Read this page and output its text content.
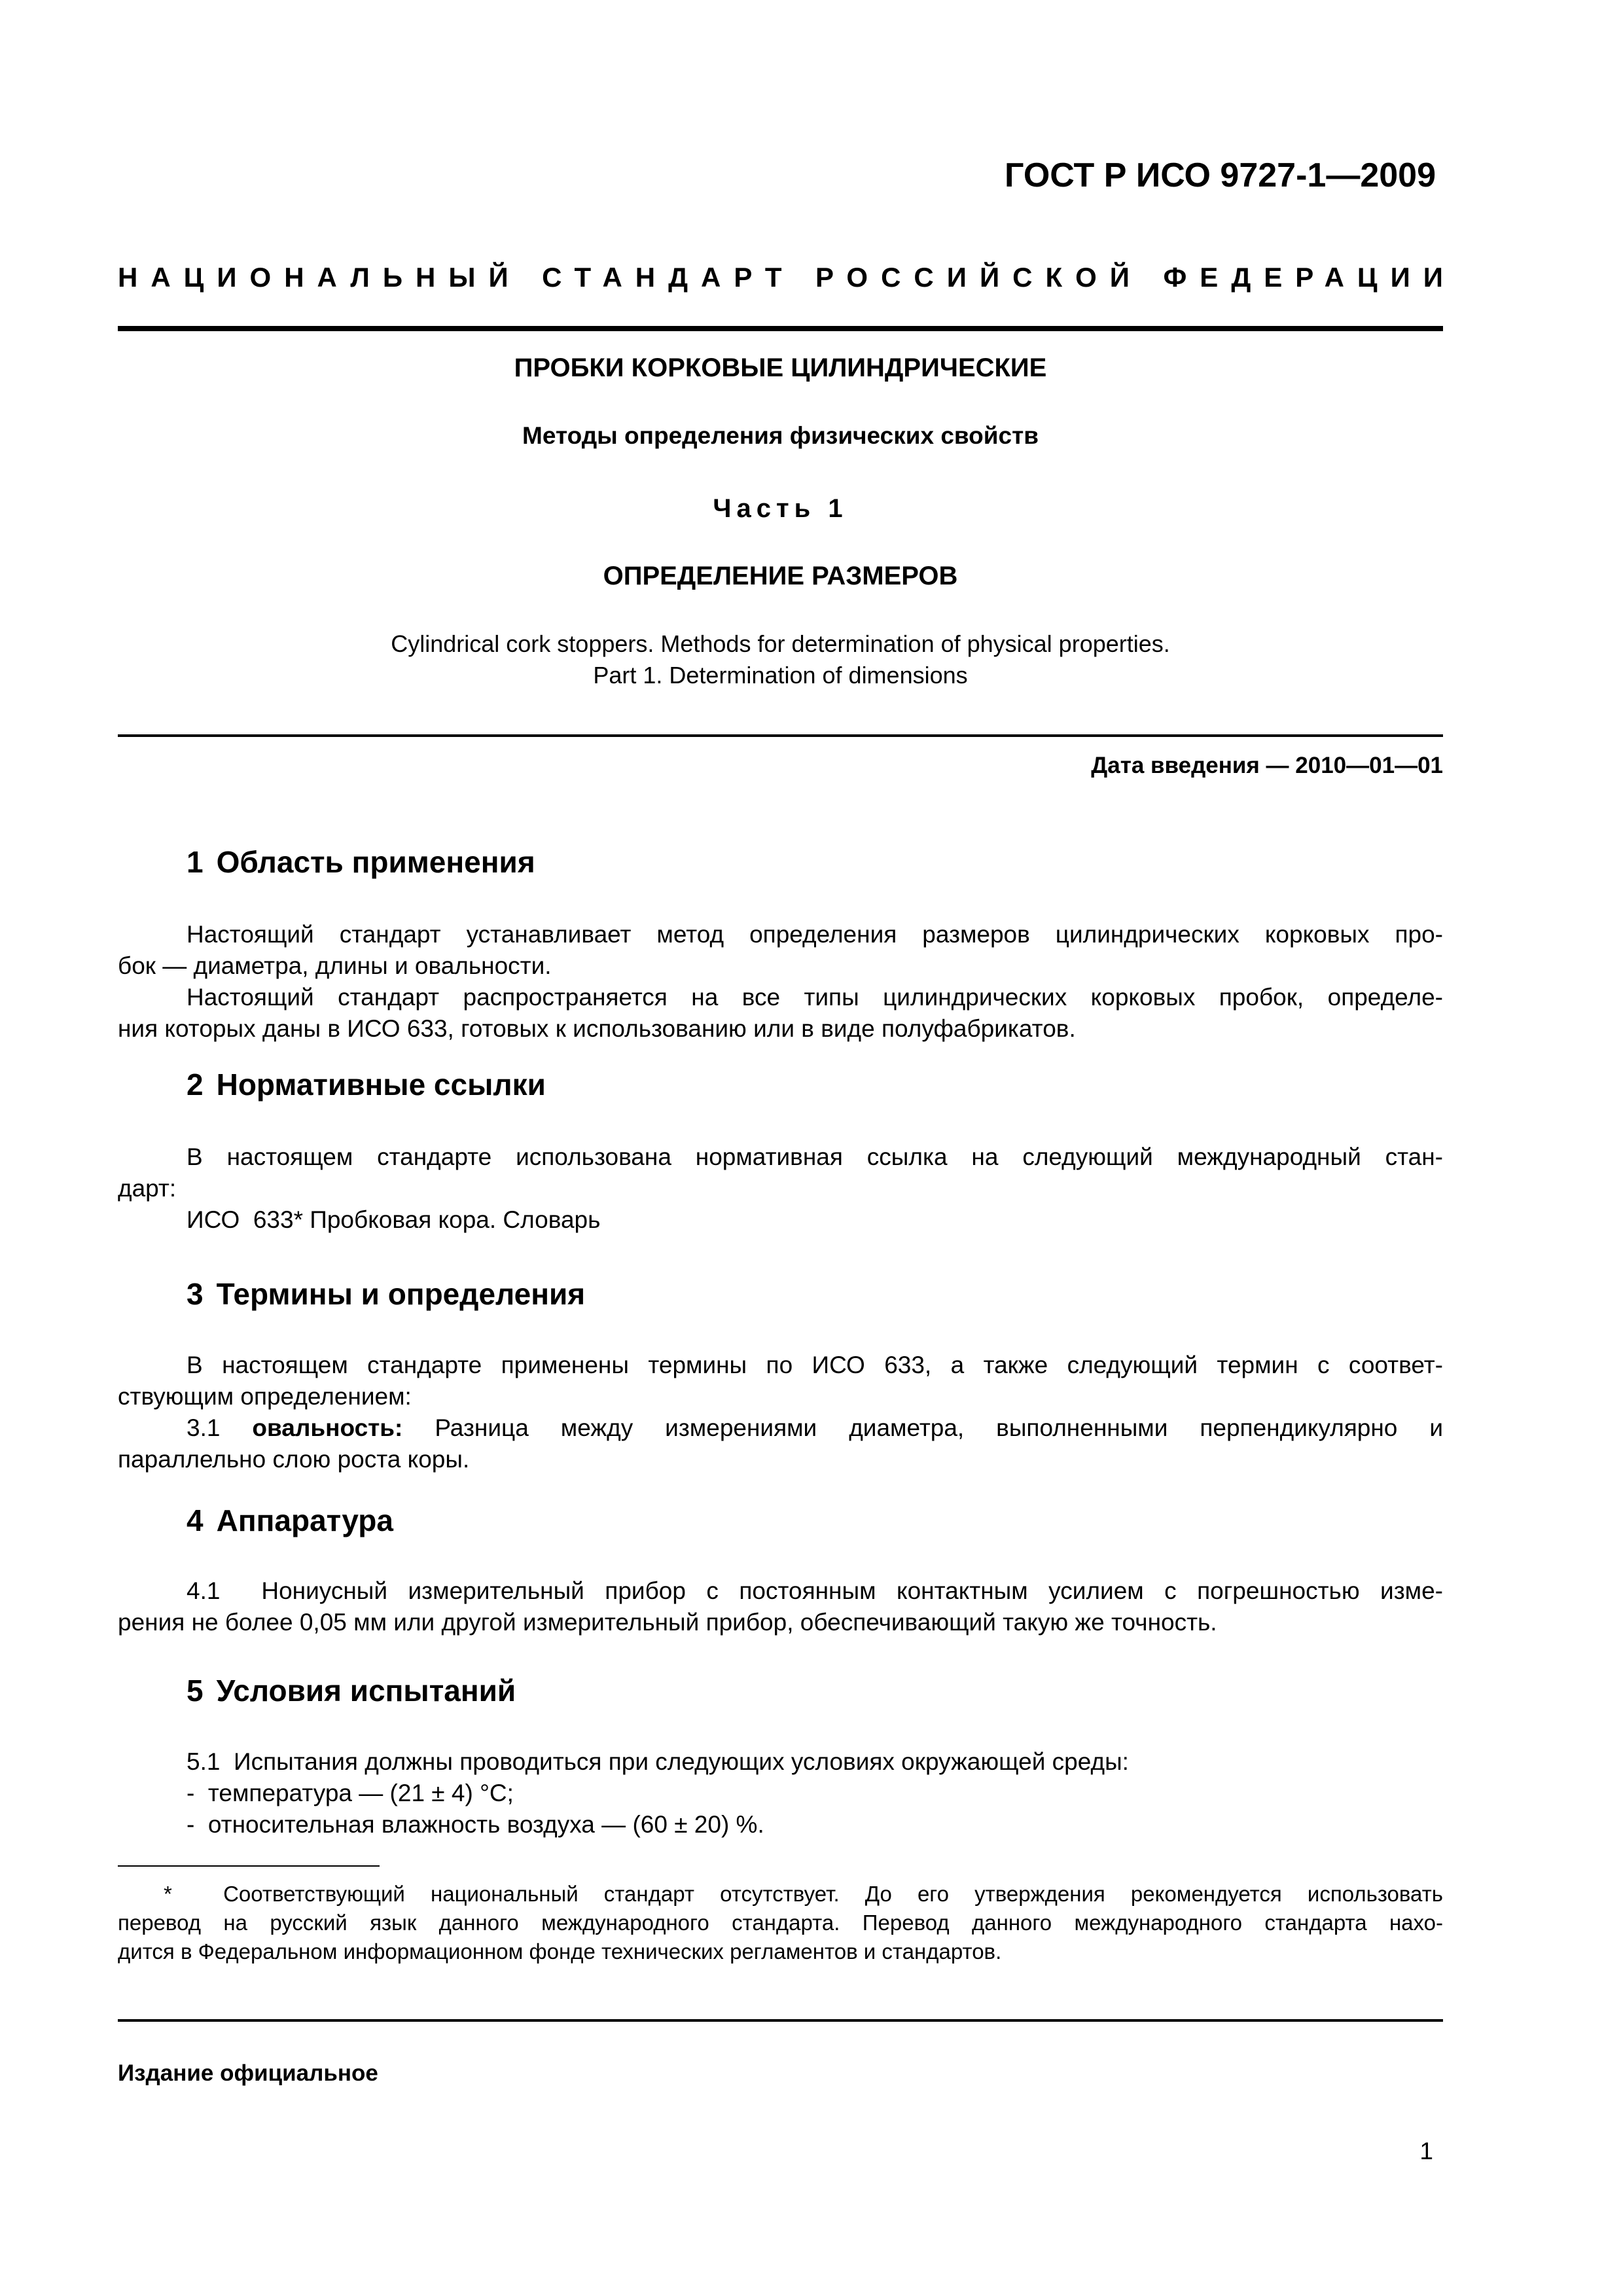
ГОСТ Р ИСО 9727-1—2009
НАЦИОНАЛЬНЫЙ СТАНДАРТ РОССИЙСКОЙ ФЕДЕРАЦИИ
ПРОБКИ КОРКОВЫЕ ЦИЛИНДРИЧЕСКИЕ
Методы определения физических свойств
Часть 1
ОПРЕДЕЛЕНИЕ РАЗМЕРОВ
Cylindrical cork stoppers. Methods for determination of physical properties.
Part 1. Determination of dimensions
Дата введения — 2010—01—01
1 Область применения
Настоящий стандарт устанавливает метод определения размеров цилиндрических корковых про-
бок — диаметра, длины и овальности.
Настоящий стандарт распространяется на все типы цилиндрических корковых пробок, определе-
ния которых даны в ИСО 633, готовых к использованию или в виде полуфабрикатов.
2 Нормативные ссылки
В настоящем стандарте использована нормативная ссылка на следующий международный стан-
дарт:
ИСО  633* Пробковая кора. Словарь
3 Термины и определения
В настоящем стандарте применены термины по ИСО 633, а также следующий термин с соответ-
ствующим определением:
3.1 овальность: Разница между измерениями диаметра, выполненными перпендикулярно и
параллельно слою роста коры.
4 Аппаратура
4.1  Нониусный измерительный прибор с постоянным контактным усилием с погрешностью изме-
рения не более 0,05 мм или другой измерительный прибор, обеспечивающий такую же точность.
5 Условия испытаний
5.1  Испытания должны проводиться при следующих условиях окружающей среды:
-  температура — (21 ± 4) °С;
-  относительная влажность воздуха — (60 ± 20) %.
*  Соответствующий национальный стандарт отсутствует. До его утверждения рекомендуется использовать
перевод на русский язык данного международного стандарта. Перевод данного международного стандарта нахо-
дится в Федеральном информационном фонде технических регламентов и стандартов.
Издание официальное
1
